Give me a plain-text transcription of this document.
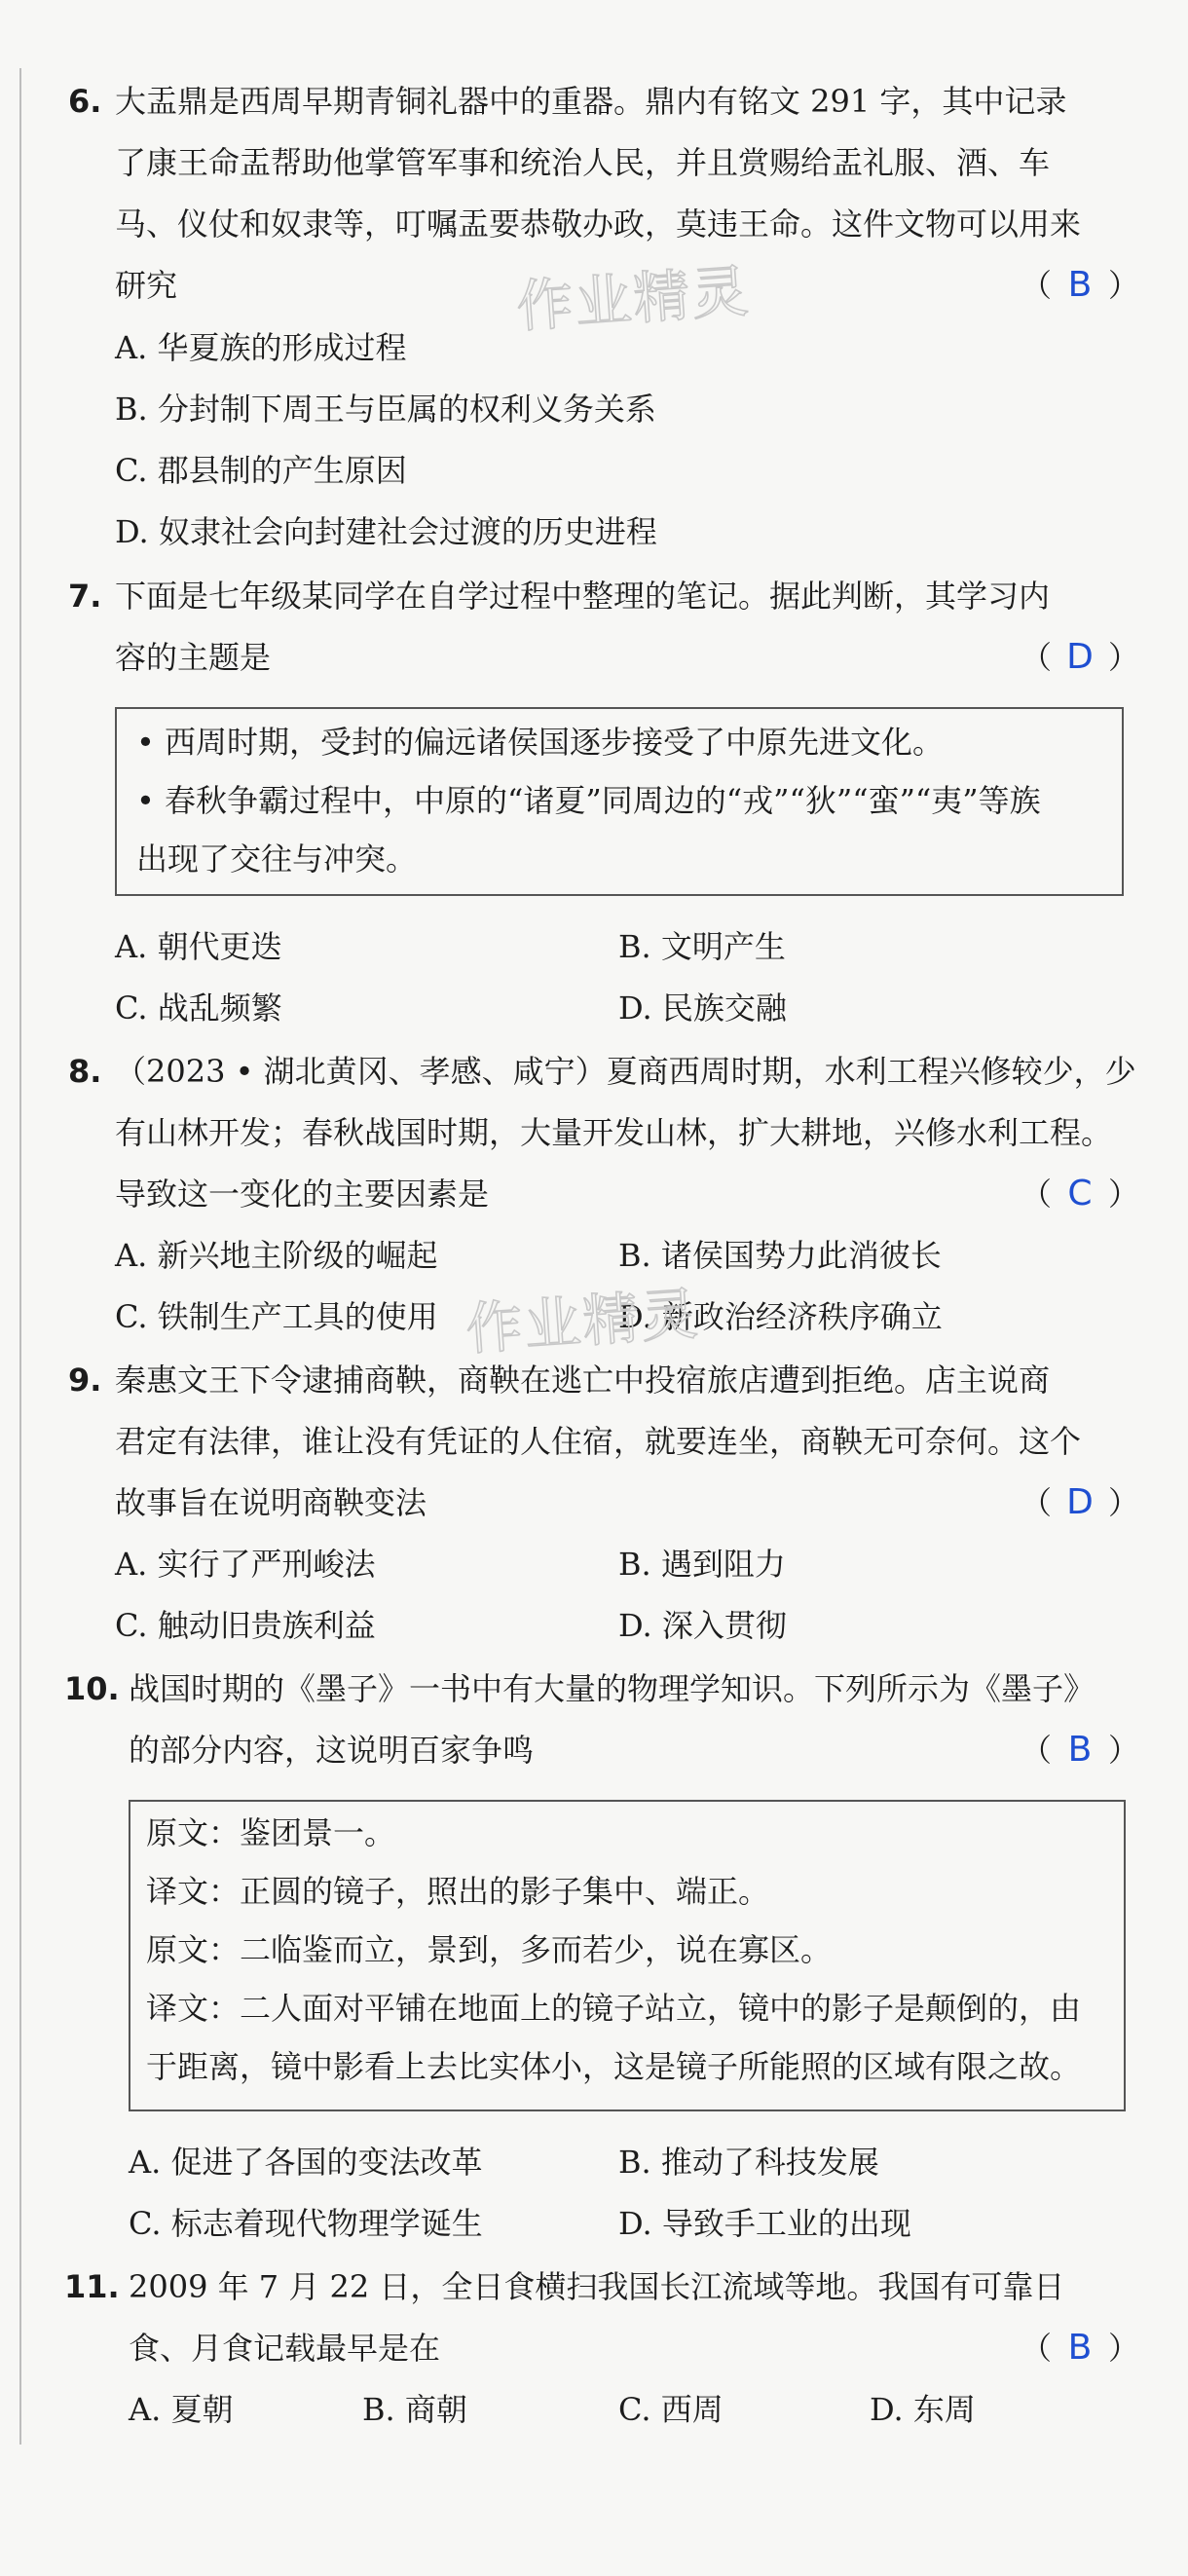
6. 大盂鼎是西周早期青铜礼器中的重器。鼎内有铭文 291 字，其中记录
了康王命盂帮助他掌管军事和统治人民，并且赏赐给盂礼服、酒、车
马、仪仗和奴隶等，叮嘱盂要恭敬办政，莫违王命。这件文物可以用来
研究	（ B ）
A. 华夏族的形成过程
B. 分封制下周王与臣属的权利义务关系
C. 郡县制的产生原因
D. 奴隶社会向封建社会过渡的历史进程
7. 下面是七年级某同学在自学过程中整理的笔记。据此判断，其学习内
容的主题是	（ D ）
• 西周时期，受封的偏远诸侯国逐步接受了中原先进文化。
• 春秋争霸过程中，中原的“诸夏”同周边的“戎”“狄”“蛮”“夷”等族
出现了交往与冲突。
A. 朝代更迭	B. 文明产生
C. 战乱频繁	D. 民族交融
8. （2023 • 湖北黄冈、孝感、咸宁）夏商西周时期，水利工程兴修较少，少
有山林开发；春秋战国时期，大量开发山林，扩大耕地，兴修水利工程。
导致这一变化的主要因素是	（ C ）
A. 新兴地主阶级的崛起	B. 诸侯国势力此消彼长
C. 铁制生产工具的使用	D. 新政治经济秩序确立
9. 秦惠文王下令逮捕商鞅，商鞅在逃亡中投宿旅店遭到拒绝。店主说商
君定有法律，谁让没有凭证的人住宿，就要连坐，商鞅无可奈何。这个
故事旨在说明商鞅变法	（ D ）
A. 实行了严刑峻法	B. 遇到阻力
C. 触动旧贵族利益	D. 深入贯彻
10. 战国时期的《墨子》一书中有大量的物理学知识。下列所示为《墨子》
的部分内容，这说明百家争鸣	（ B ）
原文：鉴团景一。
译文：正圆的镜子，照出的影子集中、端正。
原文：二临鉴而立，景到，多而若少，说在寡区。
译文：二人面对平铺在地面上的镜子站立，镜中的影子是颠倒的，由
于距离，镜中影看上去比实体小，这是镜子所能照的区域有限之故。
A. 促进了各国的变法改革	B. 推动了科技发展
C. 标志着现代物理学诞生	D. 导致手工业的出现
11. 2009 年 7 月 22 日，全日食横扫我国长江流域等地。我国有可靠日
食、月食记载最早是在	（ B ）
A. 夏朝	B. 商朝	C. 西周	D. 东周
作业精灵
作业精灵
